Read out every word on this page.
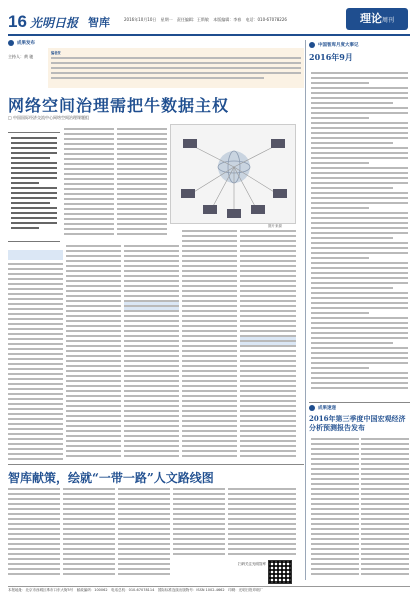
16 光明日报 智库	2016年10月10日 星期一 责任编辑：王斯敏 本版编辑：李春 电话：010-67078226	理论周刊
成果发布
主持人：黄 驰
编者按
网络空间治理需把牛数据主权
□ 中国国际经济交流中心网络空间治理课题组
图片来源
智库献策，绘就“一带一路”人文路线图
扫码关注光明智库
中国智库月度大事记
2016年9月
成果速递
2016年第三季度中国宏观经济分析预测报告发布
本报地址：北京市西城区珠市口东大街5号　邮政编码：100062　电话总机：010-67078114　国际标准连续出版物号：ISSN 1002-4662　印刷：光明日报印刷厂
